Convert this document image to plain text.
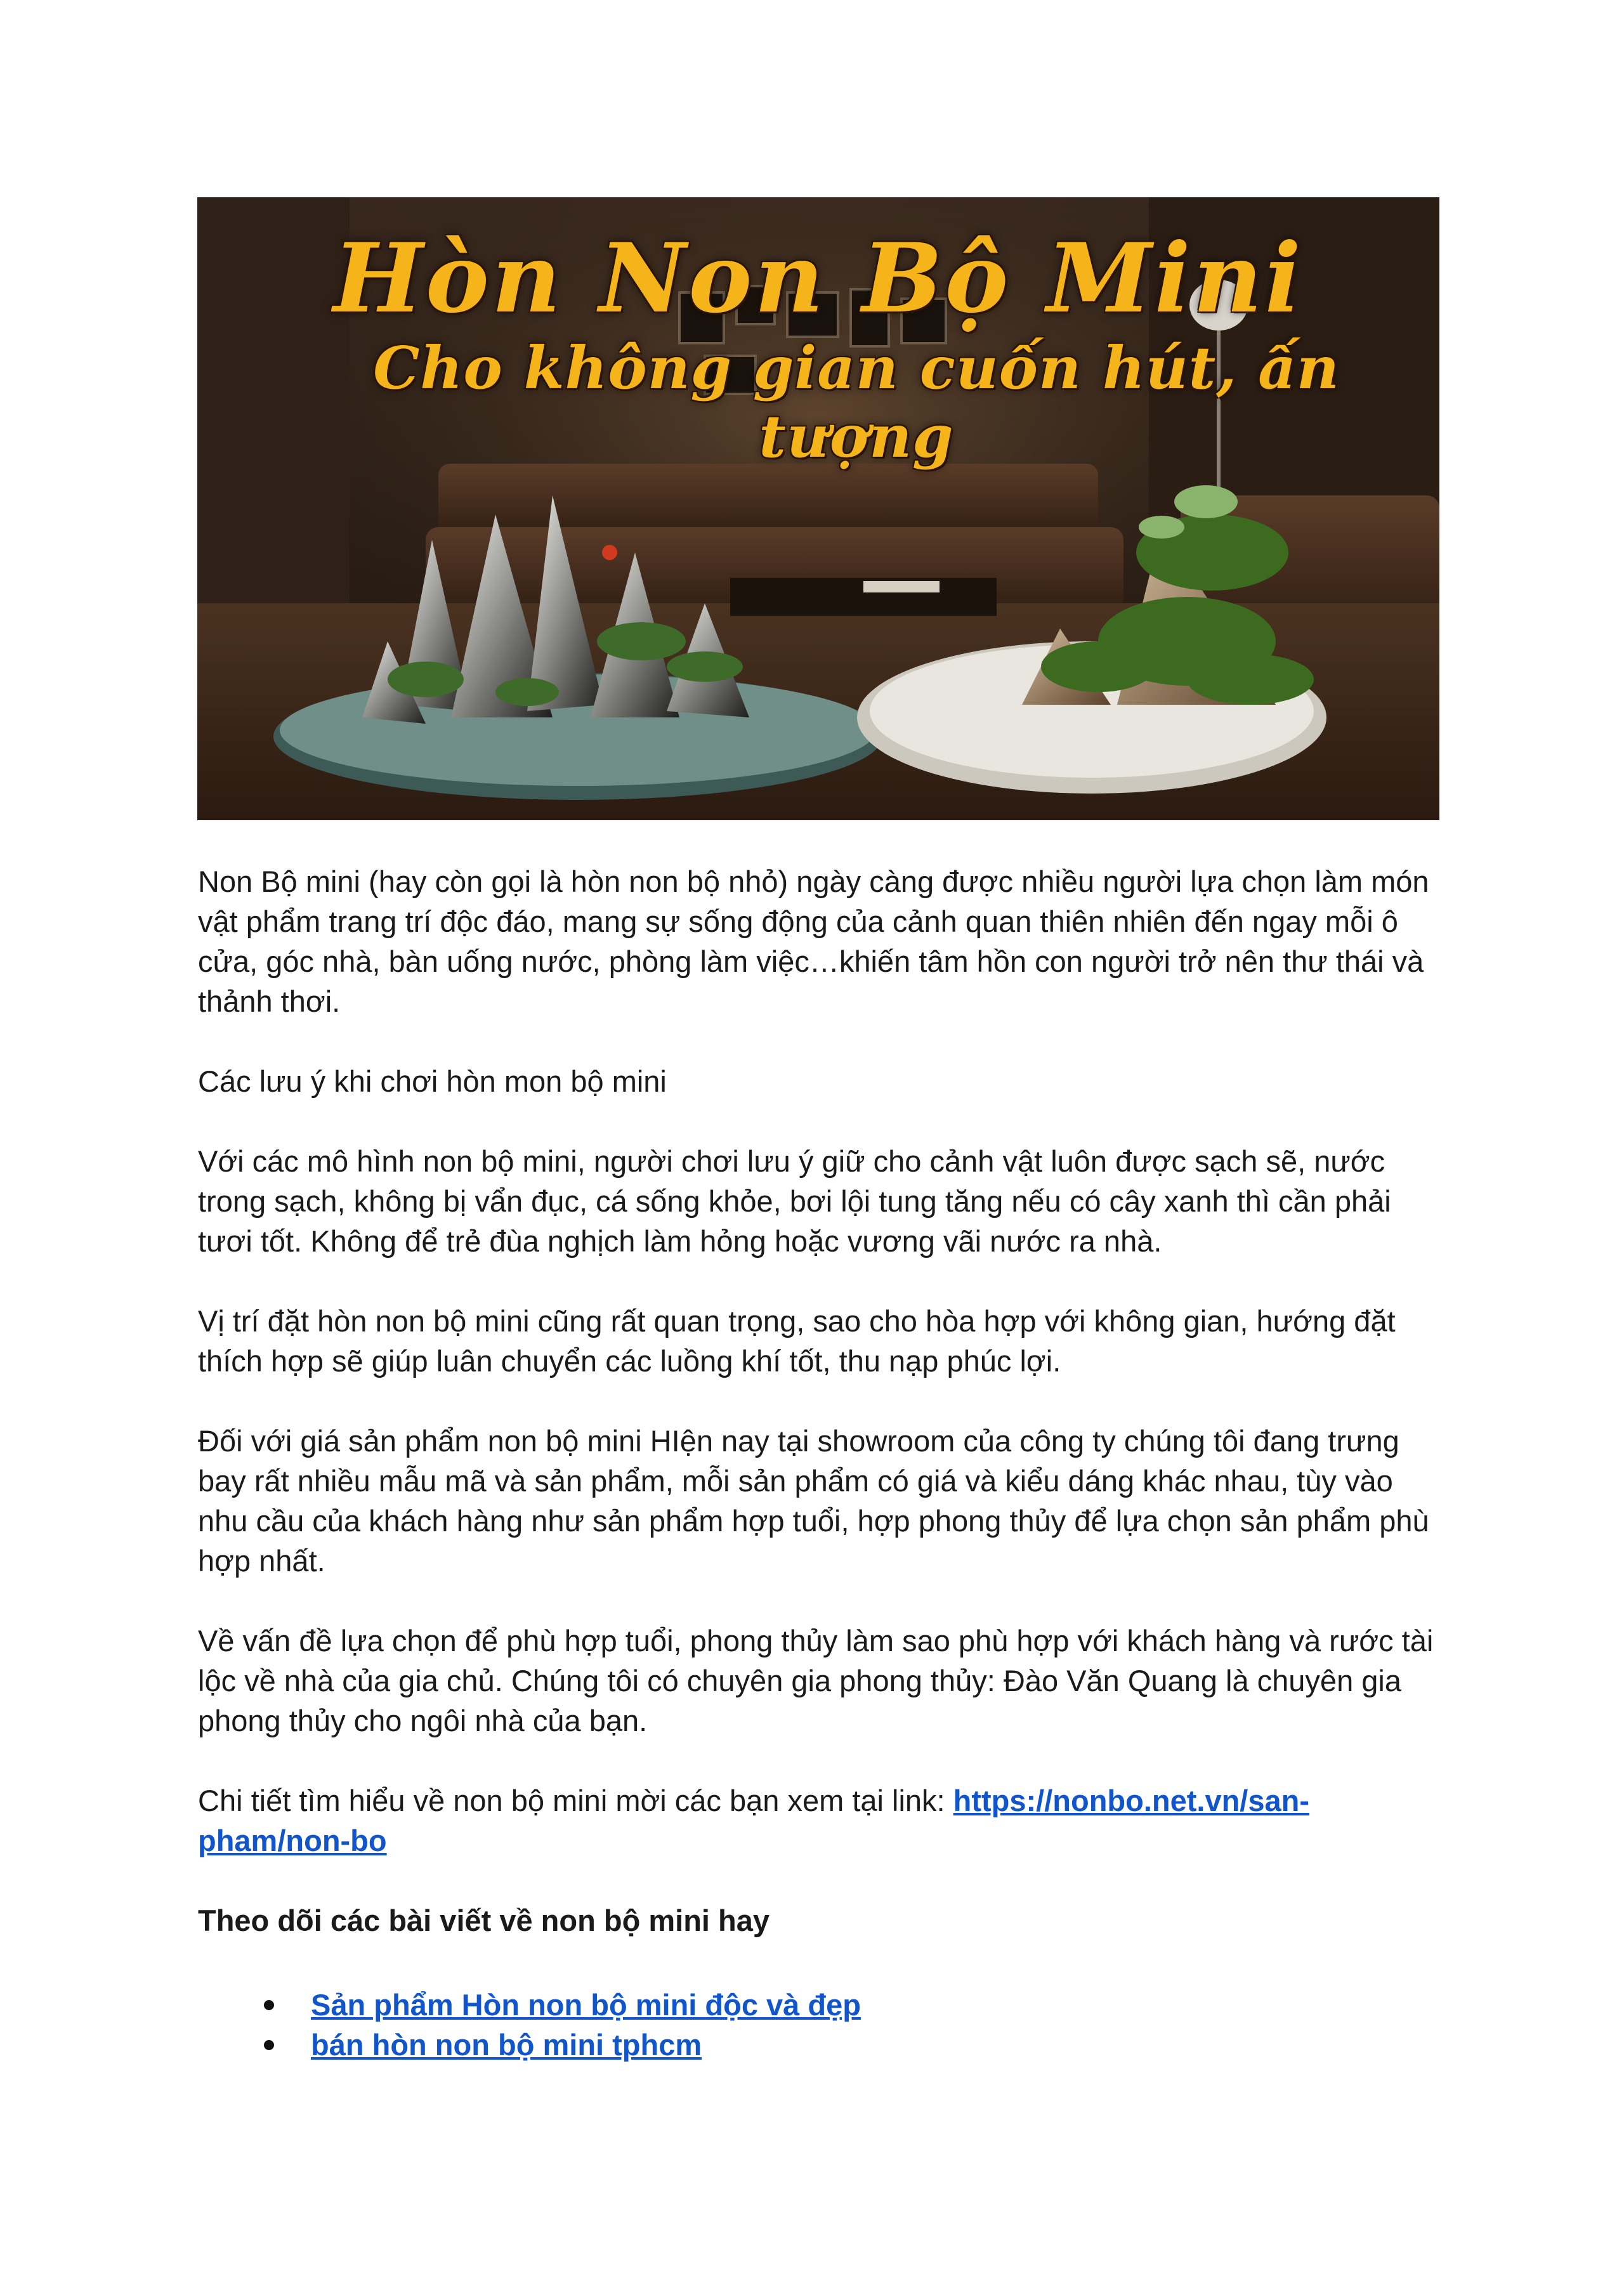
Hòn Non Bộ Mini
Cho không gian cuốn hút, ấn tượng

Non Bộ mini (hay còn gọi là hòn non bộ nhỏ) ngày càng được nhiều người lựa chọn làm món vật phẩm trang trí độc đáo, mang sự sống động của cảnh quan thiên nhiên đến ngay mỗi ô cửa, góc nhà, bàn uống nước, phòng làm việc…khiến tâm hồn con người trở nên thư thái và thảnh thơi.

Các lưu ý khi chơi hòn mon bộ mini

Với các mô hình non bộ mini, người chơi lưu ý giữ cho cảnh vật luôn được sạch sẽ, nước trong sạch, không bị vẩn đục, cá sống khỏe, bơi lội tung tăng nếu có cây xanh thì cần phải tươi tốt. Không để trẻ đùa nghịch làm hỏng hoặc vương vãi nước ra nhà.

Vị trí đặt hòn non bộ mini cũng rất quan trọng, sao cho hòa hợp với không gian, hướng đặt thích hợp sẽ giúp luân chuyển các luồng khí tốt, thu nạp phúc lợi.

Đối với giá sản phẩm non bộ mini HIện nay tại showroom của công ty chúng tôi đang trưng bay rất nhiều mẫu mã và sản phẩm, mỗi sản phẩm có giá và kiểu dáng khác nhau, tùy vào nhu cầu của khách hàng như sản phẩm hợp tuổi, hợp phong thủy để lựa chọn sản phẩm phù hợp nhất.

Về vấn đề lựa chọn để phù hợp tuổi, phong thủy làm sao phù hợp với khách hàng và rước tài lộc về nhà của gia chủ. Chúng tôi có chuyên gia phong thủy: Đào Văn Quang là chuyên gia phong thủy cho ngôi nhà của bạn.

Chi tiết tìm hiểu về non bộ mini mời các bạn xem tại link: https://nonbo.net.vn/san-pham/non-bo

Theo dõi các bài viết về non bộ mini hay

Sản phẩm Hòn non bộ mini độc và đẹp
bán hòn non bộ mini tphcm
